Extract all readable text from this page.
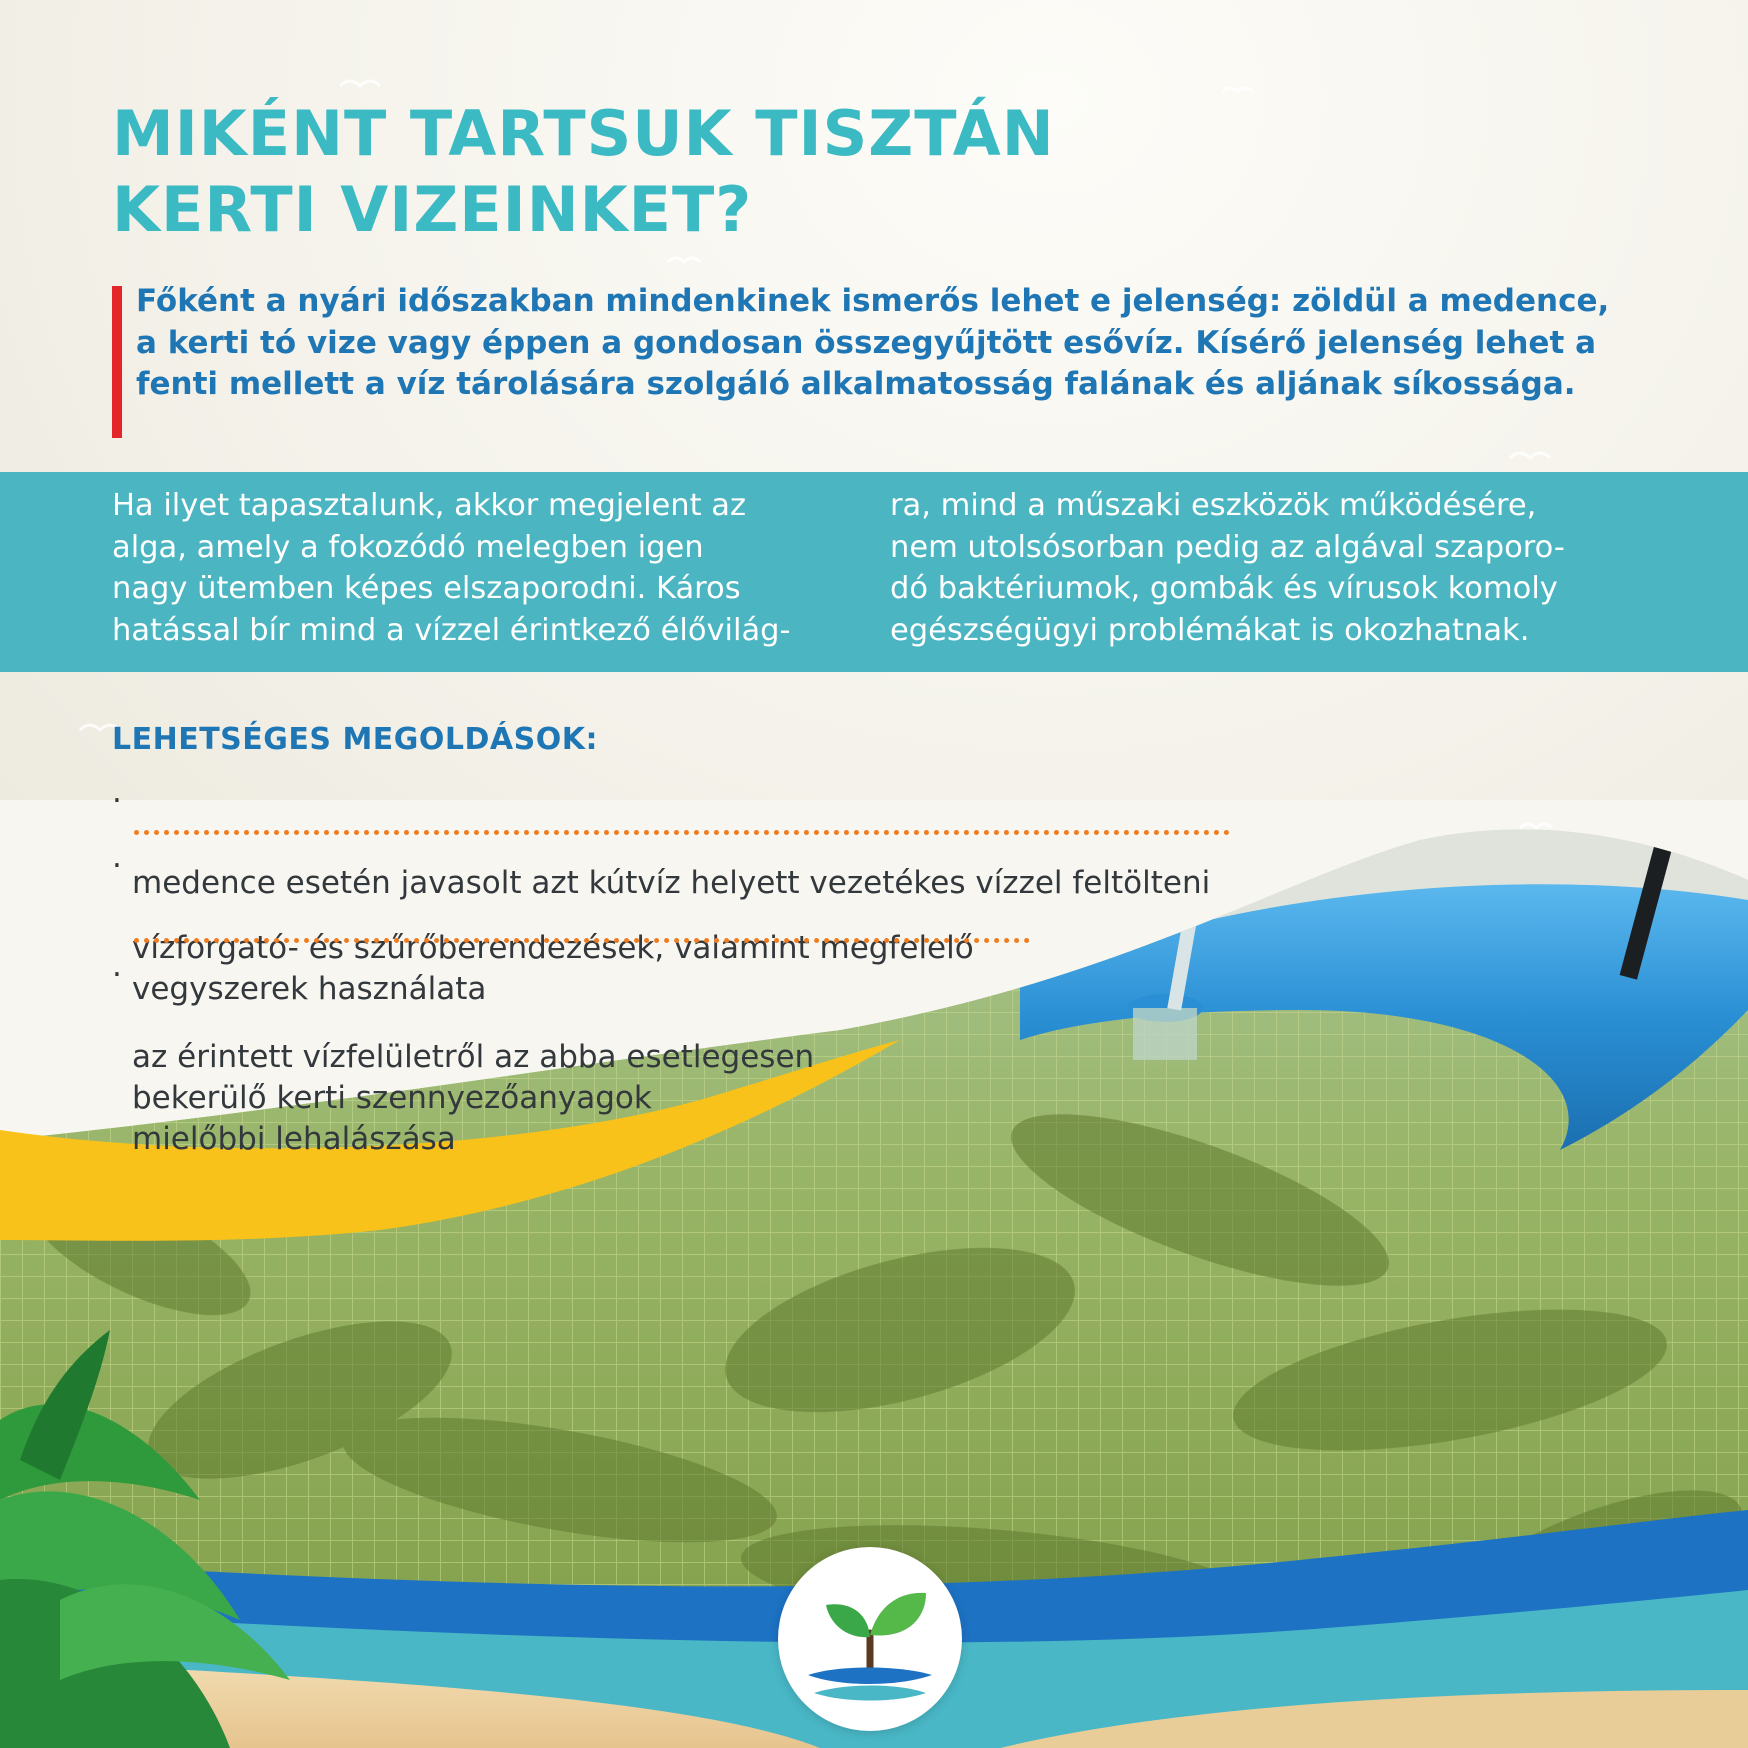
MIKÉNT TARTSUK TISZTÁN
KERTI VIZEINKET?

Főként a nyári időszakban mindenkinek ismerős lehet e jelenség: zöldül a medence, a kerti tó vize vagy éppen a gondosan összegyűjtött esővíz. Kísérő jelenség lehet a fenti mellett a víz tárolására szolgáló alkalmatosság falának és aljának síkossága.

Ha ilyet tapasztalunk, akkor megjelent az
alga, amely a fokozódó melegben igen
nagy ütemben képes elszaporodni. Káros
hatással bír mind a vízzel érintkező élővilág-

ra, mind a műszaki eszközök működésére,
nem utolsósorban pedig az algával szaporo-
dó baktériumok, gombák és vírusok komoly
egészségügyi problémákat is okozhatnak.

LEHETSÉGES MEGOLDÁSOK:

·

medence esetén javasolt azt kútvíz helyett vezetékes vízzel feltölteni

·

vízforgató- és szűrőberendezések, valamint megfelelő
vegyszerek használata

·

az érintett vízfelületről az abba esetlegesen
bekerülő kerti szennyezőanyagok
mielőbbi lehalászása
